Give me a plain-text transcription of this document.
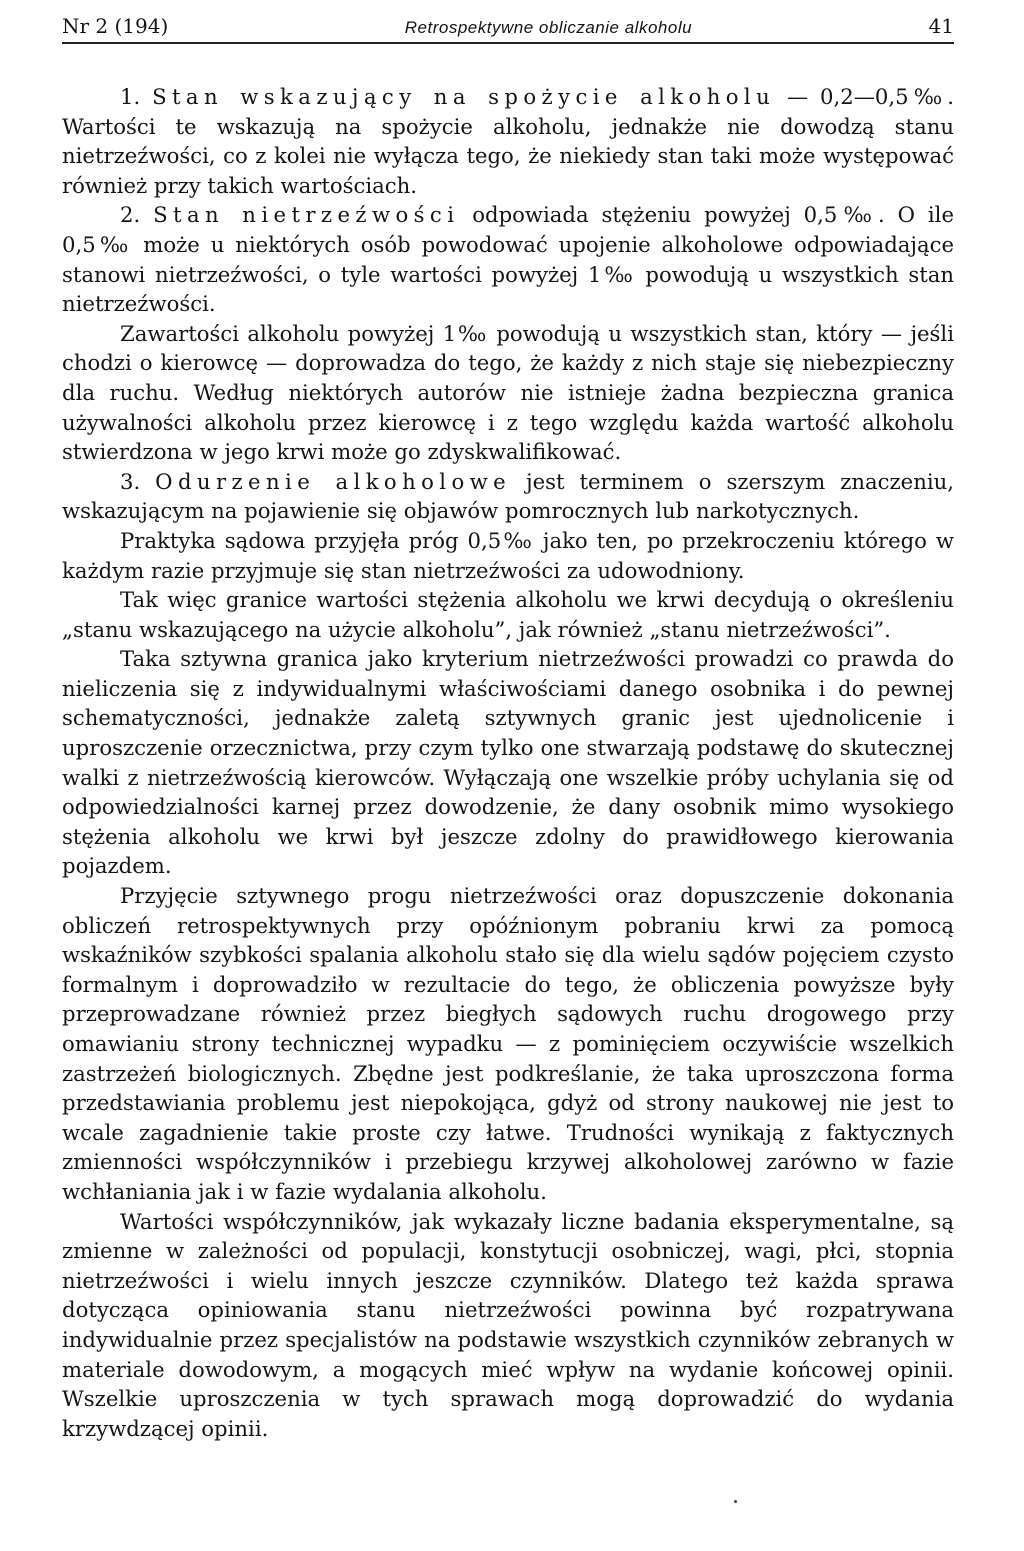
Nr 2 (194)	Retrospektywne obliczanie alkoholu	41

1. Stan wskazujący na spożycie alkoholu — 0,2—0,5‰. Wartości te wskazują na spożycie alkoholu, jednakże nie dowodzą stanu nietrzeźwości, co z kolei nie wyłącza tego, że niekiedy stan taki może występować również przy takich wartościach.

2. Stan nietrzeźwości odpowiada stężeniu powyżej 0,5‰. O ile 0,5‰ może u niektórych osób powodować upojenie alkoholowe odpowiadające stanowi nietrzeźwości, o tyle wartości powyżej 1‰ powodują u wszystkich stan nietrzeźwości.

Zawartości alkoholu powyżej 1‰ powodują u wszystkich stan, który — jeśli chodzi o kierowcę — doprowadza do tego, że każdy z nich staje się niebezpieczny dla ruchu. Według niektórych autorów nie istnieje żadna bezpieczna granica używalności alkoholu przez kierowcę i z tego względu każda wartość alkoholu stwierdzona w jego krwi może go zdyskwalifikować.

3. Odurzenie alkoholowe jest terminem o szerszym znaczeniu, wskazującym na pojawienie się objawów pomrocznych lub narkotycznych.

Praktyka sądowa przyjęła próg 0,5‰ jako ten, po przekroczeniu którego w każdym razie przyjmuje się stan nietrzeźwości za udowodniony.

Tak więc granice wartości stężenia alkoholu we krwi decydują o określeniu „stanu wskazującego na użycie alkoholu”, jak również „stanu nietrzeźwości”.

Taka sztywna granica jako kryterium nietrzeźwości prowadzi co prawda do nieliczenia się z indywidualnymi właściwościami danego osobnika i do pewnej schematyczności, jednakże zaletą sztywnych granic jest ujednolicenie i uproszczenie orzecznictwa, przy czym tylko one stwarzają podstawę do skutecznej walki z nietrzeźwością kierowców. Wyłączają one wszelkie próby uchylania się od odpowiedzialności karnej przez dowodzenie, że dany osobnik mimo wysokiego stężenia alkoholu we krwi był jeszcze zdolny do prawidłowego kierowania pojazdem.

Przyjęcie sztywnego progu nietrzeźwości oraz dopuszczenie dokonania obliczeń retrospektywnych przy opóźnionym pobraniu krwi za pomocą wskaźników szybkości spalania alkoholu stało się dla wielu sądów pojęciem czysto formalnym i doprowadziło w rezultacie do tego, że obliczenia powyższe były przeprowadzane również przez biegłych sądowych ruchu drogowego przy omawianiu strony technicznej wypadku — z pominięciem oczywiście wszelkich zastrzeżeń biologicznych. Zbędne jest podkreślanie, że taka uproszczona forma przedstawiania problemu jest niepokojąca, gdyż od strony naukowej nie jest to wcale zagadnienie takie proste czy łatwe. Trudności wynikają z faktycznych zmienności współczynników i przebiegu krzywej alkoholowej zarówno w fazie wchłaniania jak i w fazie wydalania alkoholu.

Wartości współczynników, jak wykazały liczne badania eksperymentalne, są zmienne w zależności od populacji, konstytucji osobniczej, wagi, płci, stopnia nietrzeźwości i wielu innych jeszcze czynników. Dlatego też każda sprawa dotycząca opiniowania stanu nietrzeźwości powinna być rozpatrywana indywidualnie przez specjalistów na podstawie wszystkich czynników zebranych w materiale dowodowym, a mogących mieć wpływ na wydanie końcowej opinii. Wszelkie uproszczenia w tych sprawach mogą doprowadzić do wydania krzywdzącej opinii.
